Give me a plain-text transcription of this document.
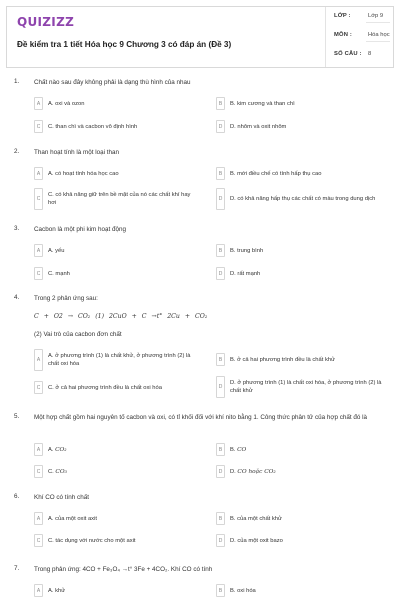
QUIZIZZ
Đề kiểm tra 1 tiết Hóa học 9 Chương 3 có đáp án (Đề 3)
LỚP :	Lớp 9
MÔN :	Hóa học
SỐ CÂU : 8
1. Chất nào sau đây không phải là dạng thù hình của nhau
A	A. oxi và ozon	B	B. kim cương và than chì
C	C. than chì và cacbon vô định hình	D	D. nhôm và oxit nhôm
2. Than hoạt tính là một loại than
A	A. có hoạt tính hóa học cao	B	B. mới điều chế có tính hấp thụ cao
C
C. có khả năng giữ trên bề mặt của nó các chất khí hay hơi
D	D. có khả năng hấp thụ các chất có màu trong dung dịch
3. Cacbon là một phi kim hoạt động
A	A. yếu	B	B. trung bình
C	C. mạnh	D	D. rất mạnh
4. Trong 2 phản ứng sau:
C + O2 → CO₂ (1) 2CuO + C →t° 2Cu + CO₂
(2) Vai trò của cacbon đơn chất
A
A. ở phương trình (1) là chất khử, ở phương trình (2) là chất oxi hóa
B	B. ở cả hai phương trình đều là chất khử
C	C. ở cả hai phương trình đều là chất oxi hóa	D
D. ở phương trình (1) là chất oxi hóa, ở phương trình (2) là chất khử
5. Một hợp chất gồm hai nguyên tố cacbon và oxi, có tỉ khối đối với khí nito bằng 1. Công thức phân tử của hợp chất đó là
A	A. CO₂	B	B. CO
C	C. CO₃	D	D. CO hoặc CO₂
6. Khí CO có tính chất
A	A. của một oxit axit	B	B. của một chất khử
C	C. tác dụng với nước cho một axit	D	D. của một oxit bazo
7. Trong phản ứng: 4CO + Fe₃O₄ →t° 3Fe + 4CO₂. Khí CO có tính
A	A. khử	B	B. oxi hóa
